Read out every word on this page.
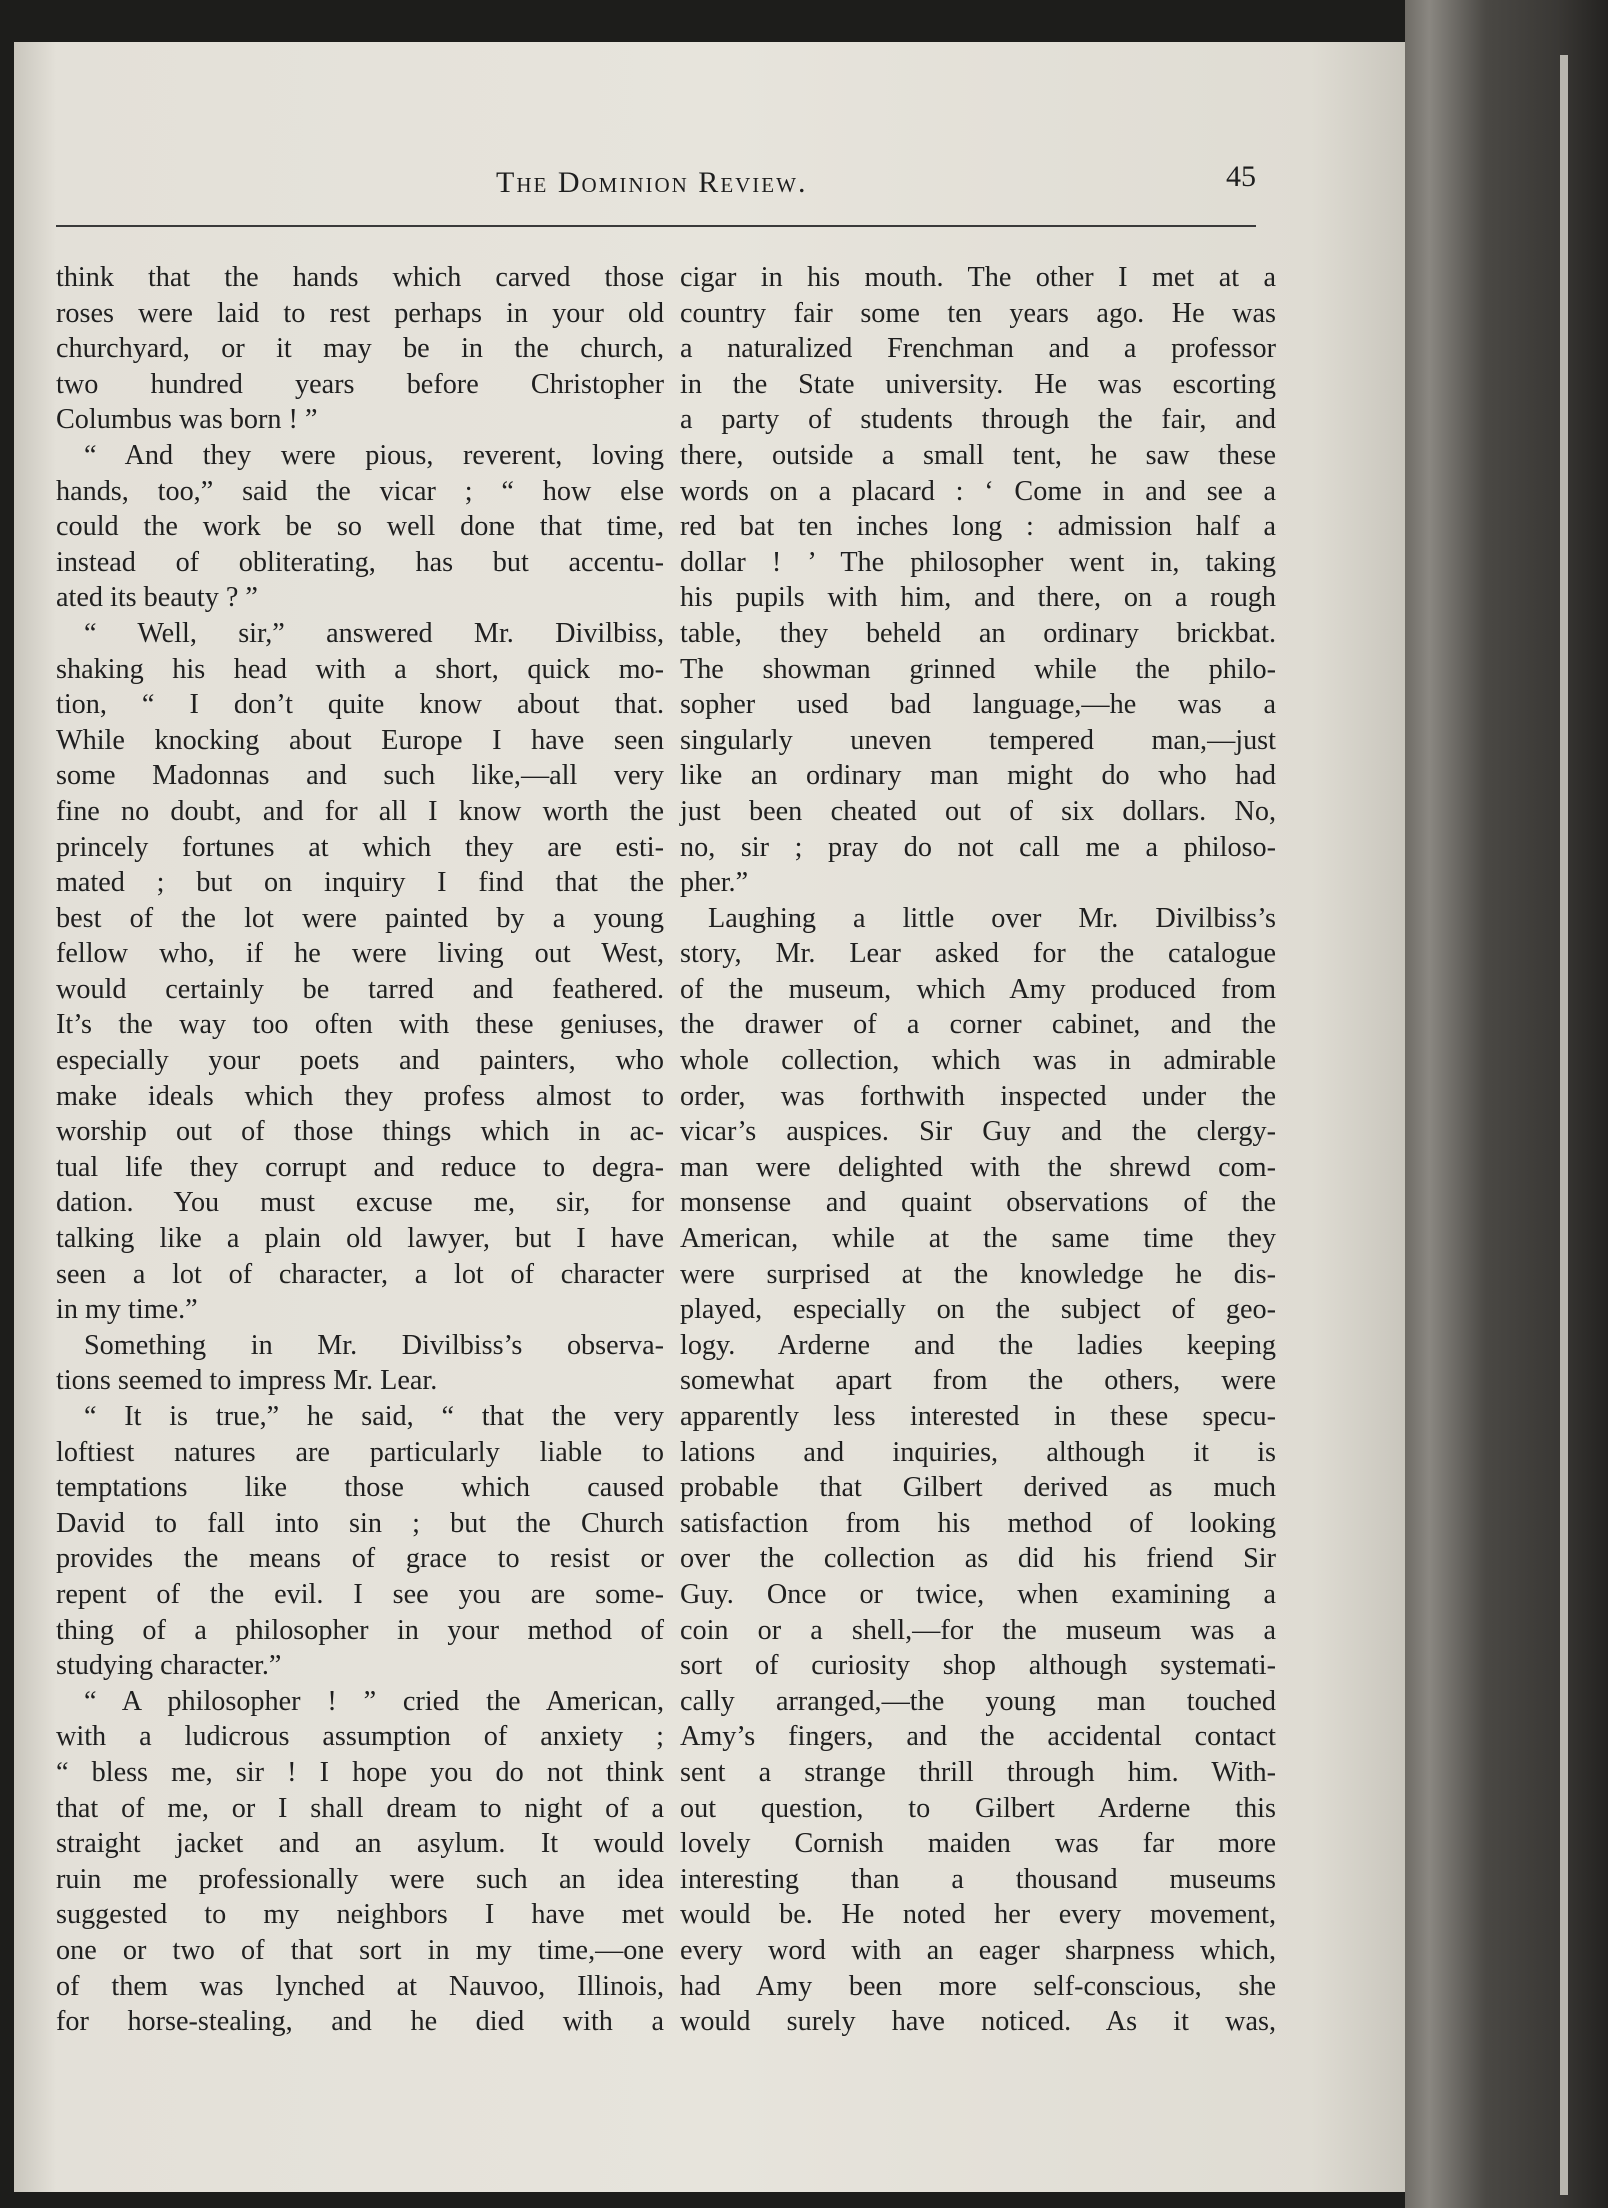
The Dominion Review.	45
think that the hands which carved those
roses were laid to rest perhaps in your old
churchyard, or it may be in the church,
two hundred years before Christopher
Columbus was born ! ”
“ And they were pious, reverent, loving
hands, too,” said the vicar ; “ how else
could the work be so well done that time,
instead of obliterating, has but accentu-
ated its beauty ? ”
“ Well, sir,” answered Mr. Divilbiss,
shaking his head with a short, quick mo-
tion, “ I don’t quite know about that.
While knocking about Europe I have seen
some Madonnas and such like,—all very
fine no doubt, and for all I know worth the
princely fortunes at which they are esti-
mated ; but on inquiry I find that the
best of the lot were painted by a young
fellow who, if he were living out West,
would certainly be tarred and feathered.
It’s the way too often with these geniuses,
especially your poets and painters, who
make ideals which they profess almost to
worship out of those things which in ac-
tual life they corrupt and reduce to degra-
dation. You must excuse me, sir, for
talking like a plain old lawyer, but I have
seen a lot of character, a lot of character
in my time.”
Something in Mr. Divilbiss’s observa-
tions seemed to impress Mr. Lear.
“ It is true,” he said, “ that the very
loftiest natures are particularly liable to
temptations like those which caused
David to fall into sin ; but the Church
provides the means of grace to resist or
repent of the evil. I see you are some-
thing of a philosopher in your method of
studying character.”
“ A philosopher ! ” cried the American,
with a ludicrous assumption of anxiety ;
“ bless me, sir ! I hope you do not think
that of me, or I shall dream to night of a
straight jacket and an asylum. It would
ruin me professionally were such an idea
suggested to my neighbors I have met
one or two of that sort in my time,—one
of them was lynched at Nauvoo, Illinois,
for horse-stealing, and he died with a
cigar in his mouth. The other I met at a
country fair some ten years ago. He was
a naturalized Frenchman and a professor
in the State university. He was escorting
a party of students through the fair, and
there, outside a small tent, he saw these
words on a placard : ‘ Come in and see a
red bat ten inches long : admission half a
dollar ! ’ The philosopher went in, taking
his pupils with him, and there, on a rough
table, they beheld an ordinary brickbat.
The showman grinned while the philo-
sopher used bad language,—he was a
singularly uneven tempered man,—just
like an ordinary man might do who had
just been cheated out of six dollars. No,
no, sir ; pray do not call me a philoso-
pher.”
Laughing a little over Mr. Divilbiss’s
story, Mr. Lear asked for the catalogue
of the museum, which Amy produced from
the drawer of a corner cabinet, and the
whole collection, which was in admirable
order, was forthwith inspected under the
vicar’s auspices. Sir Guy and the clergy-
man were delighted with the shrewd com-
monsense and quaint observations of the
American, while at the same time they
were surprised at the knowledge he dis-
played, especially on the subject of geo-
logy. Arderne and the ladies keeping
somewhat apart from the others, were
apparently less interested in these specu-
lations and inquiries, although it is
probable that Gilbert derived as much
satisfaction from his method of looking
over the collection as did his friend Sir
Guy. Once or twice, when examining a
coin or a shell,—for the museum was a
sort of curiosity shop although systemati-
cally arranged,—the young man touched
Amy’s fingers, and the accidental contact
sent a strange thrill through him. With-
out question, to Gilbert Arderne this
lovely Cornish maiden was far more
interesting than a thousand museums
would be. He noted her every movement,
every word with an eager sharpness which,
had Amy been more self-conscious, she
would surely have noticed. As it was,
